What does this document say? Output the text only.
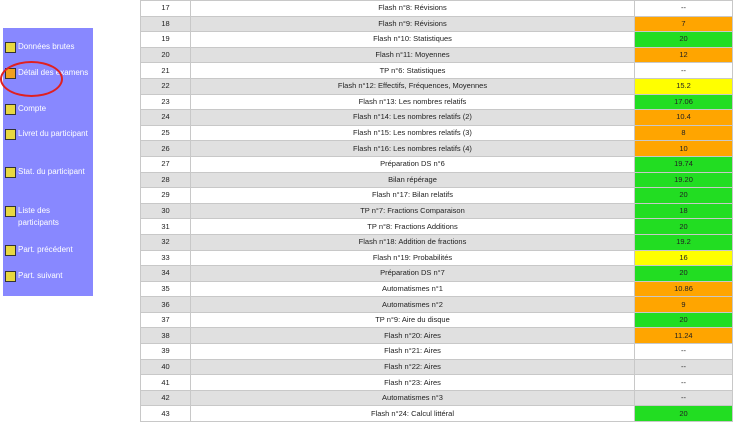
Données brutes
Détail des examens
Compte
Livret du participant
Stat. du participant
Liste des participants
Part. précédent
Part. suivant
17	Flash n°8: Révisions	--
18	Flash n°9: Révisions	7
19	Flash n°10: Statistiques	20
20	Flash n°11: Moyennes	12
21	TP n°6: Statistiques	--
22	Flash n°12: Effectifs, Fréquences, Moyennes	15.2
23	Flash n°13: Les nombres relatifs	17.06
24	Flash n°14: Les nombres relatifs (2)	10.4
25	Flash n°15: Les nombres relatifs (3)	8
26	Flash n°16: Les nombres relatifs (4)	10
27	Préparation DS n°6	19.74
28	Bilan répérage	19.20
29	Flash n°17: Bilan relatifs	20
30	TP n°7: Fractions Comparaison	18
31	TP n°8: Fractions Additions	20
32	Flash n°18: Addition de fractions	19.2
33	Flash n°19: Probabilités	16
34	Préparation DS n°7	20
35	Automatismes n°1	10.86
36	Automatismes n°2	9
37	TP n°9: Aire du disque	20
38	Flash n°20: Aires	11.24
39	Flash n°21: Aires	--
40	Flash n°22: Aires	--
41	Flash n°23: Aires	--
42	Automatismes n°3	--
43	Flash n°24: Calcul littéral	20
